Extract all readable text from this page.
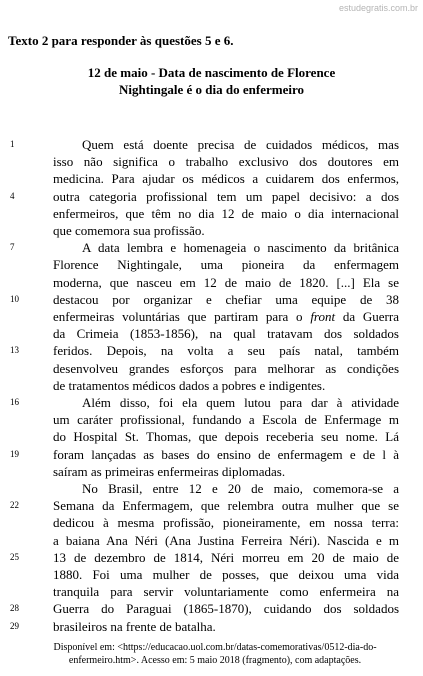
estudegratis.com.br
Texto 2 para responder às questões 5 e 6.
12 de maio - Data de nascimento de Florence
Nightingale é o dia do enfermeiro
Quem está doente precisa de cuidados médicos, mas
isso não significa o trabalho exclusivo dos doutores em
medicina. Para ajudar os médicos a cuidarem dos enfermos,
outra categoria profissional tem um papel decisivo: a dos
enfermeiros, que têm no dia 12 de maio o dia internacional
que comemora sua profissão.
A data lembra e homenageia o nascimento da britânica
Florence Nightingale, uma pioneira da enfermagem
moderna, que nasceu em 12 de maio de 1820. [...] Ela se
destacou por organizar e chefiar uma equipe de 38
enfermeiras voluntárias que partiram para o front da Guerra
da Crimeia (1853-1856), na qual tratavam dos soldados
feridos. Depois, na volta a seu país natal, também
desenvolveu grandes esforços para melhorar as condições
de tratamentos médicos dados a pobres e indigentes.
Além disso, foi ela quem lutou para dar à atividade
um caráter profissional, fundando a Escola de Enfermage m
do Hospital St. Thomas, que depois receberia seu nome. Lá
foram lançadas as bases do ensino de enfermagem e de l à
saíram as primeiras enfermeiras diplomadas.
No Brasil, entre 12 e 20 de maio, comemora-se a
Semana da Enfermagem, que relembra outra mulher que se
dedicou à mesma profissão, pioneiramente, em nossa terra:
a baiana Ana Néri (Ana Justina Ferreira Néri). Nascida e m
13 de dezembro de 1814, Néri morreu em 20 de maio de
1880. Foi uma mulher de posses, que deixou uma vida
tranquila para servir voluntariamente como enfermeira na
Guerra do Paraguai (1865-1870), cuidando dos soldados
brasileiros na frente de batalha.
1
4
7
10
13
16
19
22
25
28
29
Disponível em: <https://educacao.uol.com.br/datas-comemorativas/0512-dia-do-
enfermeiro.htm>. Acesso em: 5 maio 2018 (fragmento), com adaptações.
